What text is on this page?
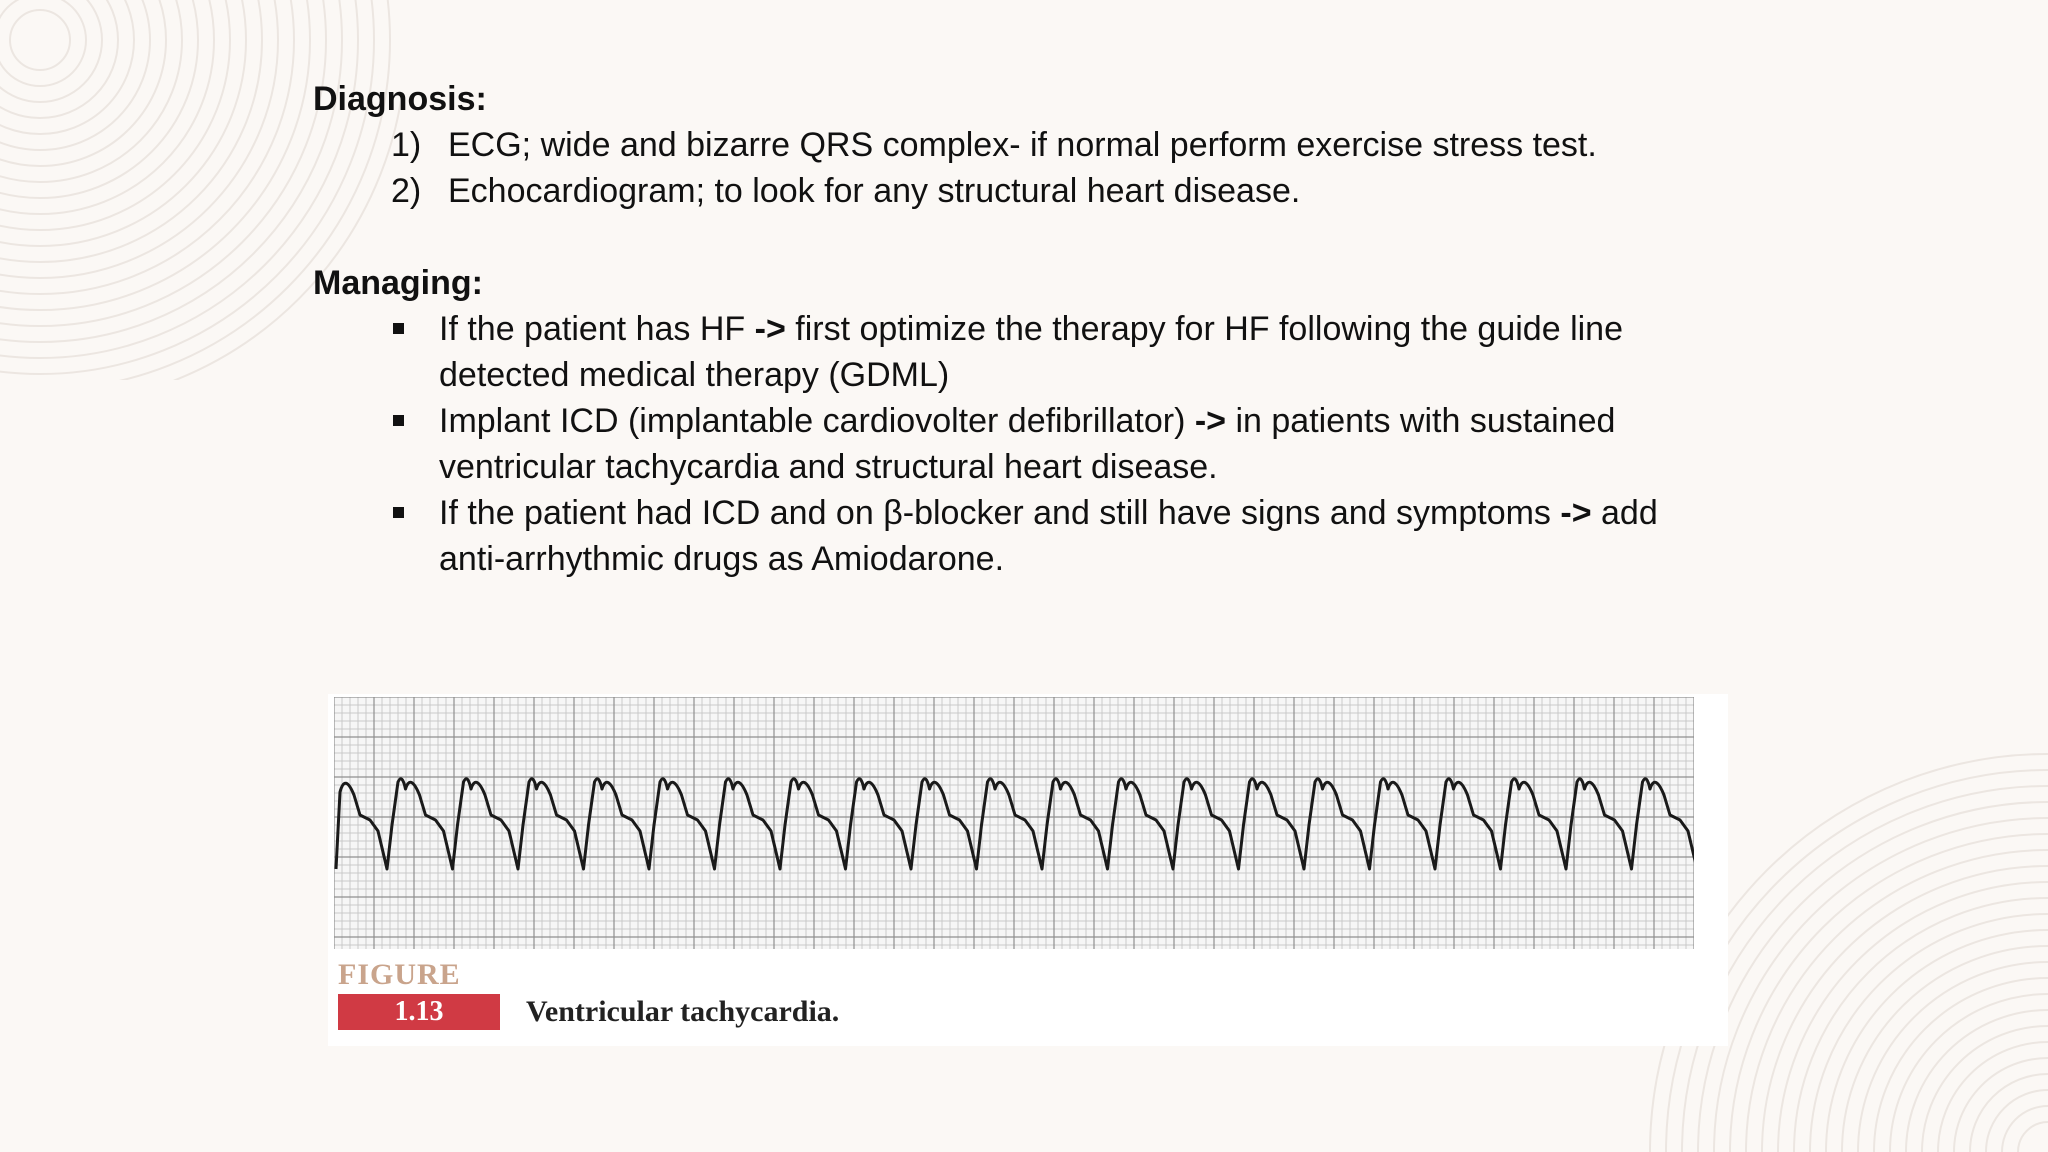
Diagnosis:

1) ECG; wide and bizarre QRS complex- if normal perform exercise stress test.
2) Echocardiogram; to look for any structural heart disease.

Managing:

If the patient has HF -> first optimize the therapy for HF following the guide line detected medical therapy (GDML)
Implant ICD (implantable cardiovolter defibrillator) -> in patients with sustained ventricular tachycardia and structural heart disease.
If the patient had ICD and on β-blocker and still have signs and symptoms -> add anti-arrhythmic drugs as Amiodarone.
FIGURE
1.13	Ventricular tachycardia.
